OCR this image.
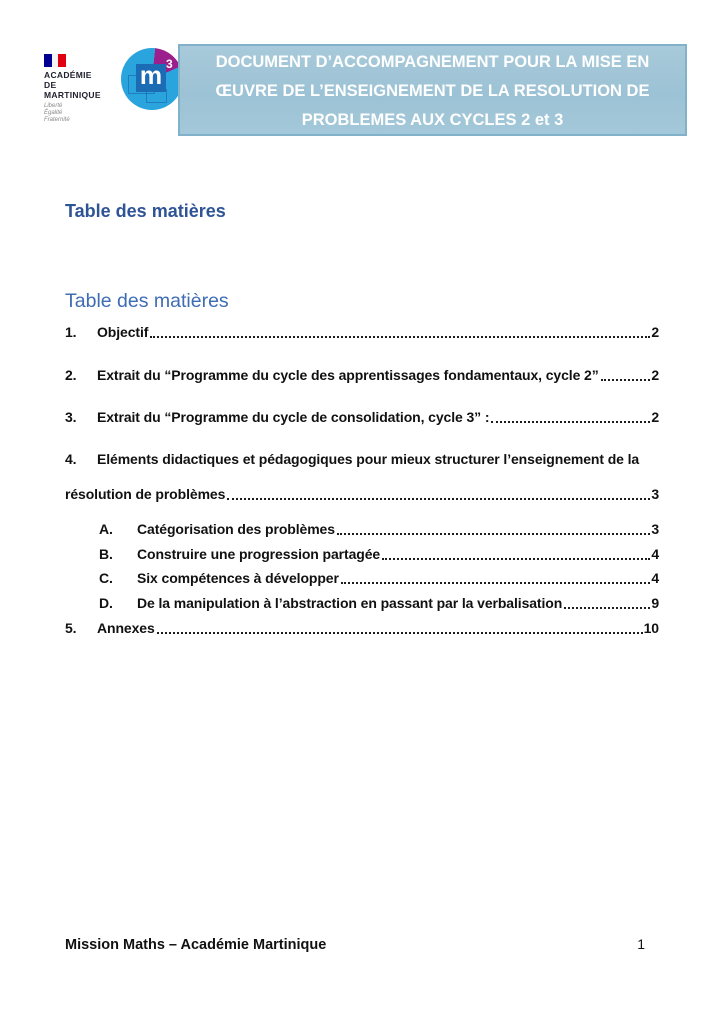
ACADÉMIE
DE MARTINIQUE
Liberté
Égalité
Fraternité
m 3	DOCUMENT D’ACCOMPAGNEMENT POUR LA MISE EN
ŒUVRE DE L’ENSEIGNEMENT DE LA RESOLUTION DE
PROBLEMES AUX CYCLES 2 et 3
Table des matières
Table des matières
1.	Objectif	2
2.	Extrait du “Programme du cycle des apprentissages fondamentaux, cycle 2”	2
3.	Extrait du “Programme du cycle de consolidation, cycle 3” :	2
4.	Eléments didactiques et pédagogiques pour mieux structurer l’enseignement de la
résolution de problèmes	3
A.	Catégorisation des problèmes	3
B.	Construire une progression partagée	4
C.	Six compétences à développer	4
D.	De la manipulation à l’abstraction en passant par la verbalisation	9
5.	Annexes	10
Mission Maths – Académie Martinique	1
